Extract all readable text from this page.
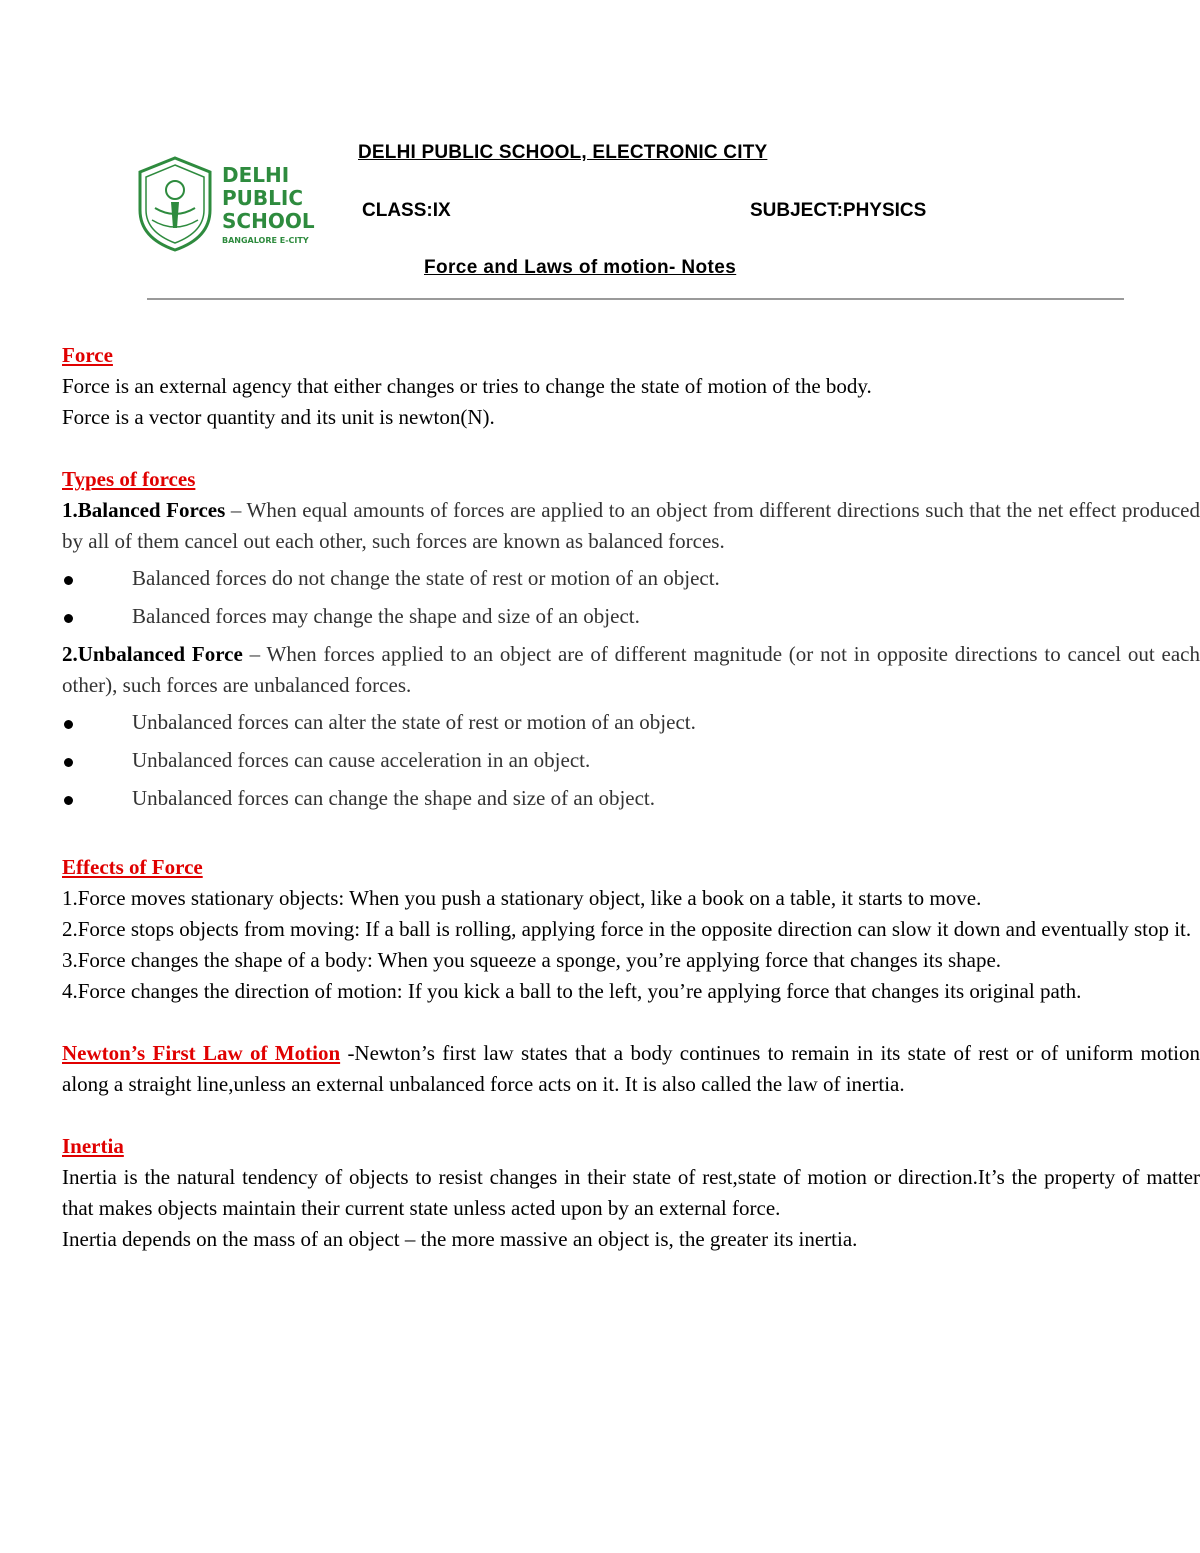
DELHI
PUBLIC
SCHOOL
BANGALORE E-CITY
DELHI PUBLIC SCHOOL, ELECTRONIC CITY
CLASS:IX	SUBJECT:PHYSICS
Force and Laws of motion- Notes

Force

Force is an external agency that either changes or tries to change the state of motion of the body.

Force is a vector quantity and its unit is newton(N).

Types of forces

1.Balanced Forces – When equal amounts of forces are applied to an object from different directions such that the net effect produced by all of them cancel out each other, such forces are known as balanced forces.

Balanced forces do not change the state of rest or motion of an object.
Balanced forces may change the shape and size of an object.

2.Unbalanced Force – When forces applied to an object are of different magnitude (or not in opposite directions to cancel out each other), such forces are unbalanced forces.

Unbalanced forces can alter the state of rest or motion of an object.
Unbalanced forces can cause acceleration in an object.
Unbalanced forces can change the shape and size of an object.

Effects of Force

1.Force moves stationary objects: When you push a stationary object, like a book on a table, it starts to move.

2.Force stops objects from moving: If a ball is rolling, applying force in the opposite direction can slow it down and eventually stop it.

3.Force changes the shape of a body: When you squeeze a sponge, you’re applying force that changes its shape.

4.Force changes the direction of motion: If you kick a ball to the left, you’re applying force that changes its original path.

Newton’s First Law of Motion -Newton’s first law states that a body continues to remain in its state of rest or of uniform motion along a straight line,unless an external unbalanced force acts on it. It is also called the law of inertia.

Inertia

Inertia is the natural tendency of objects to resist changes in their state of rest,state of motion or direction.It’s the property of matter that makes objects maintain their current state unless acted upon by an external force.

Inertia depends on the mass of an object – the more massive an object is, the greater its inertia.
